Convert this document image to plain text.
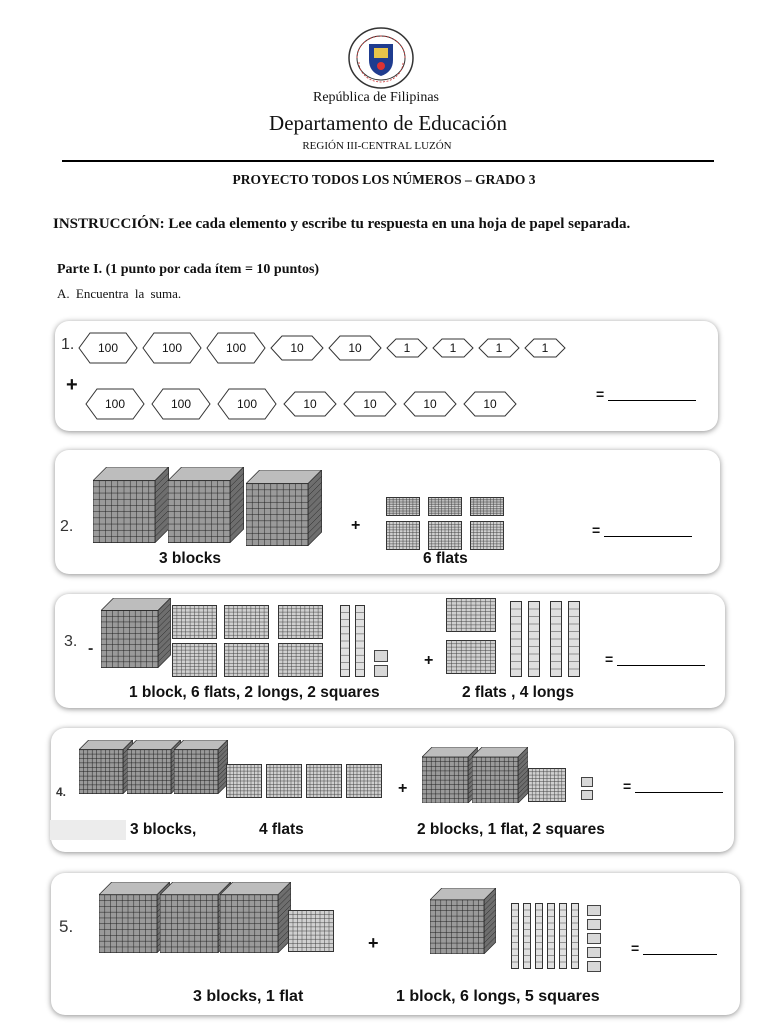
República de Filipinas
Departamento de Educación
REGIÓN III-CENTRAL LUZÓN
PROYECTO TODOS LOS NÚMEROS – GRADO 3
INSTRUCCIÓN: Lee cada elemento y escribe tu respuesta en una hoja de papel separada.
Parte I. (1 punto por cada ítem = 10 puntos)
A. Encuentra la suma.
1. 100	100	100	10	10	1	1	1	1
+
100	100	100	10	10	10	10
=
2.
3 blocks
+
6 flats
=
3. -
1 block, 6 flats, 2 longs, 2 squares
+
2 flats , 4 longs
=
4.
3 blocks,	4 flats
+
2 blocks, 1 flat, 2 squares
=
5.
3 blocks, 1 flat
+
1 block, 6 longs, 5 squares
=
